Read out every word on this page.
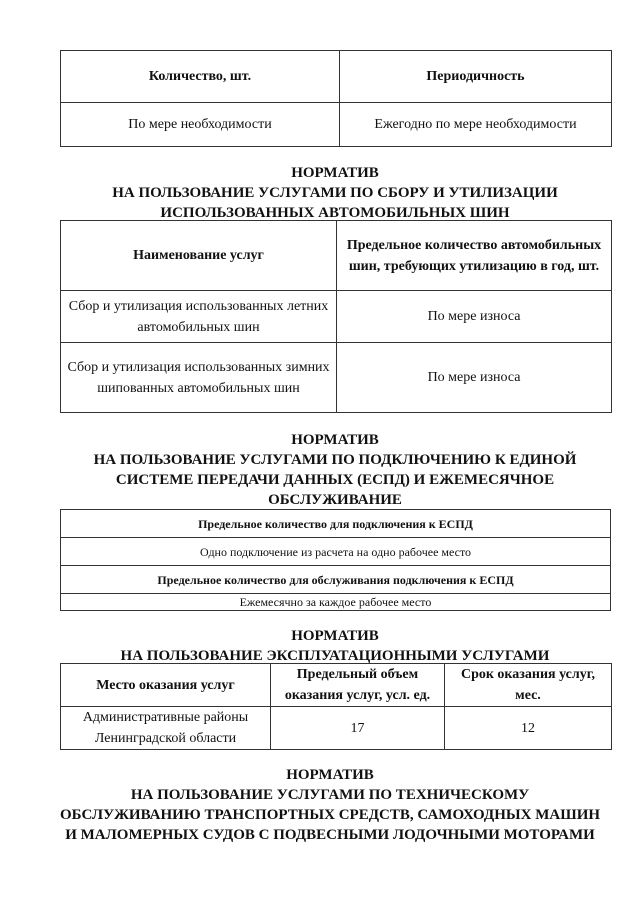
Количество, шт.	Периодичность
По мере необходимости	Ежегодно по мере необходимости
НОРМАТИВ
НА ПОЛЬЗОВАНИЕ УСЛУГАМИ ПО СБОРУ И УТИЛИЗАЦИИ
ИСПОЛЬЗОВАННЫХ АВТОМОБИЛЬНЫХ ШИН
Наименование услуг	Предельное количество автомобильных шин, требующих утилизацию в год, шт.
Сбор и утилизация использованных летних автомобильных шин	По мере износа
Сбор и утилизация использованных зимних шипованных автомобильных шин	По мере износа
НОРМАТИВ
НА ПОЛЬЗОВАНИЕ УСЛУГАМИ ПО ПОДКЛЮЧЕНИЮ К ЕДИНОЙ
СИСТЕМЕ ПЕРЕДАЧИ ДАННЫХ (ЕСПД) И ЕЖЕМЕСЯЧНОЕ
ОБСЛУЖИВАНИЕ
Предельное количество для подключения к ЕСПД
Одно подключение из расчета на одно рабочее место
Предельное количество для обслуживания подключения к ЕСПД
Ежемесячно за каждое рабочее место
НОРМАТИВ
НА ПОЛЬЗОВАНИЕ ЭКСПЛУАТАЦИОННЫМИ УСЛУГАМИ
Место оказания услуг	Предельный объем оказания услуг, усл. ед.	Срок оказания услуг, мес.
Административные районы Ленинградской области	17	12
НОРМАТИВ
НА ПОЛЬЗОВАНИЕ УСЛУГАМИ ПО ТЕХНИЧЕСКОМУ
ОБСЛУЖИВАНИЮ ТРАНСПОРТНЫХ СРЕДСТВ, САМОХОДНЫХ МАШИН
И МАЛОМЕРНЫХ СУДОВ С ПОДВЕСНЫМИ ЛОДОЧНЫМИ МОТОРАМИ
